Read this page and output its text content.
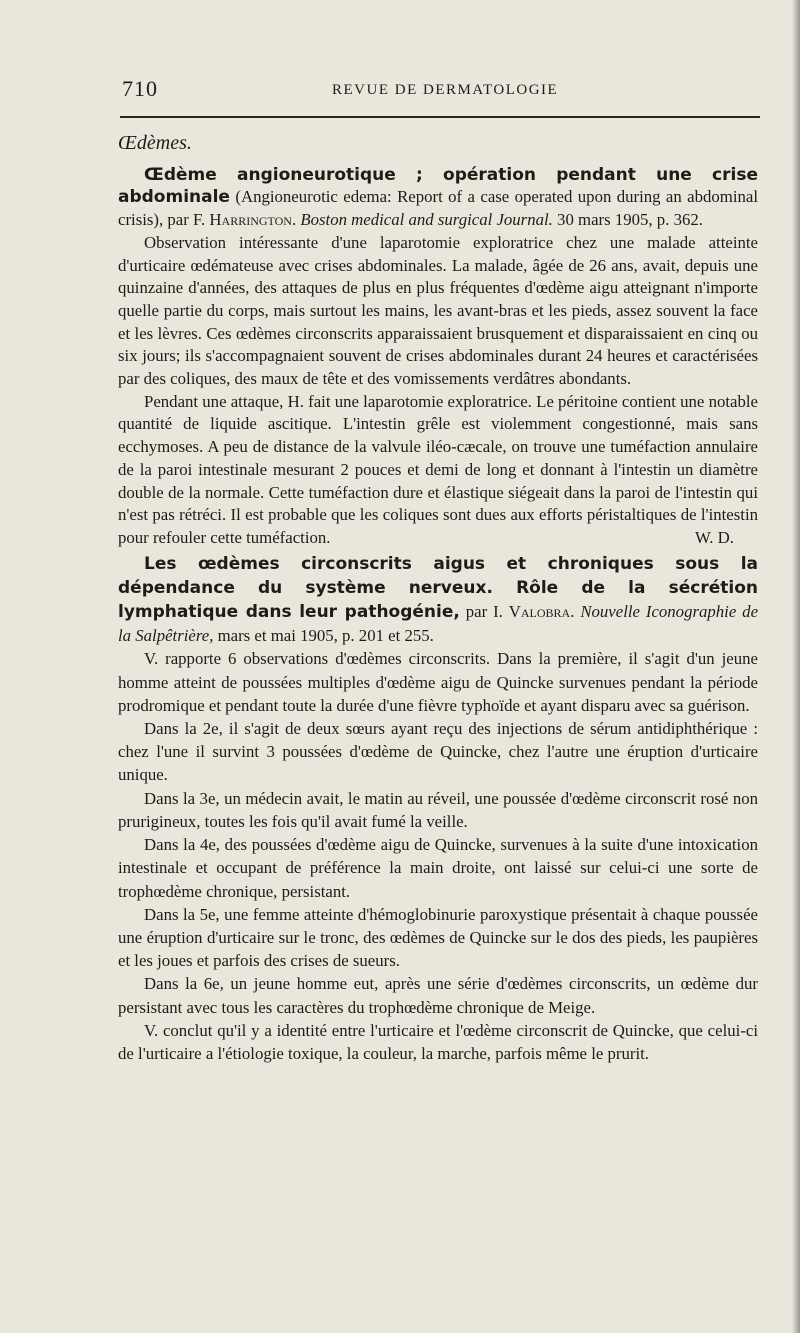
710	REVUE DE DERMATOLOGIE
Œdèmes.

Œdème angioneurotique ; opération pendant une crise abdominale (Angioneurotic edema: Report of a case operated upon during an abdominal crisis), par F. Harrington. Boston medical and surgical Journal. 30 mars 1905, p. 362.

Observation intéressante d'une laparotomie exploratrice chez une malade atteinte d'urticaire œdémateuse avec crises abdominales. La malade, âgée de 26 ans, avait, depuis une quinzaine d'années, des attaques de plus en plus fréquentes d'œdème aigu atteignant n'importe quelle partie du corps, mais surtout les mains, les avant-bras et les pieds, assez souvent la face et les lèvres. Ces œdèmes circonscrits apparaissaient brusquement et disparaissaient en cinq ou six jours; ils s'accompagnaient souvent de crises abdominales durant 24 heures et caractérisées par des coliques, des maux de tête et des vomissements verdâtres abondants.

Pendant une attaque, H. fait une laparotomie exploratrice. Le péritoine contient une notable quantité de liquide ascitique. L'intestin grêle est violemment congestionné, mais sans ecchymoses. A peu de distance de la valvule iléo-cæcale, on trouve une tuméfaction annulaire de la paroi intestinale mesurant 2 pouces et demi de long et donnant à l'intestin un diamètre double de la normale. Cette tuméfaction dure et élastique siégeait dans la paroi de l'intestin qui n'est pas rétréci. Il est probable que les coliques sont dues aux efforts péristaltiques de l'intestin pour refouler cette tuméfaction.	W. D.

Les œdèmes circonscrits aigus et chroniques sous la dépendance du système nerveux. Rôle de la sécrétion lymphatique dans leur pathogénie, par I. Valobra. Nouvelle Iconographie de la Salpêtrière, mars et mai 1905, p. 201 et 255.

V. rapporte 6 observations d'œdèmes circonscrits. Dans la première, il s'agit d'un jeune homme atteint de poussées multiples d'œdème aigu de Quincke survenues pendant la période prodromique et pendant toute la durée d'une fièvre typhoïde et ayant disparu avec sa guérison.

Dans la 2e, il s'agit de deux sœurs ayant reçu des injections de sérum antidiphthérique : chez l'une il survint 3 poussées d'œdème de Quincke, chez l'autre une éruption d'urticaire unique.

Dans la 3e, un médecin avait, le matin au réveil, une poussée d'œdème circonscrit rosé non pruriginеux, toutes les fois qu'il avait fumé la veille.

Dans la 4e, des poussées d'œdème aigu de Quincke, survenues à la suite d'une intoxication intestinale et occupant de préférence la main droite, ont laissé sur celui-ci une sorte de trophœdème chronique, persistant.

Dans la 5e, une femme atteinte d'hémoglobinurie paroxystique présentait à chaque poussée une éruption d'urticaire sur le tronc, des œdèmes de Quincke sur le dos des pieds, les paupières et les joues et parfois des crises de sueurs.

Dans la 6e, un jeune homme eut, après une série d'œdèmes circonscrits, un œdème dur persistant avec tous les caractères du trophœdème chronique de Meige.

V. conclut qu'il y a identité entre l'urticaire et l'œdème circonscrit de Quincke, que celui-ci de l'urticaire a l'étiologie toxique, la couleur, la marche, parfois même le prurit.
